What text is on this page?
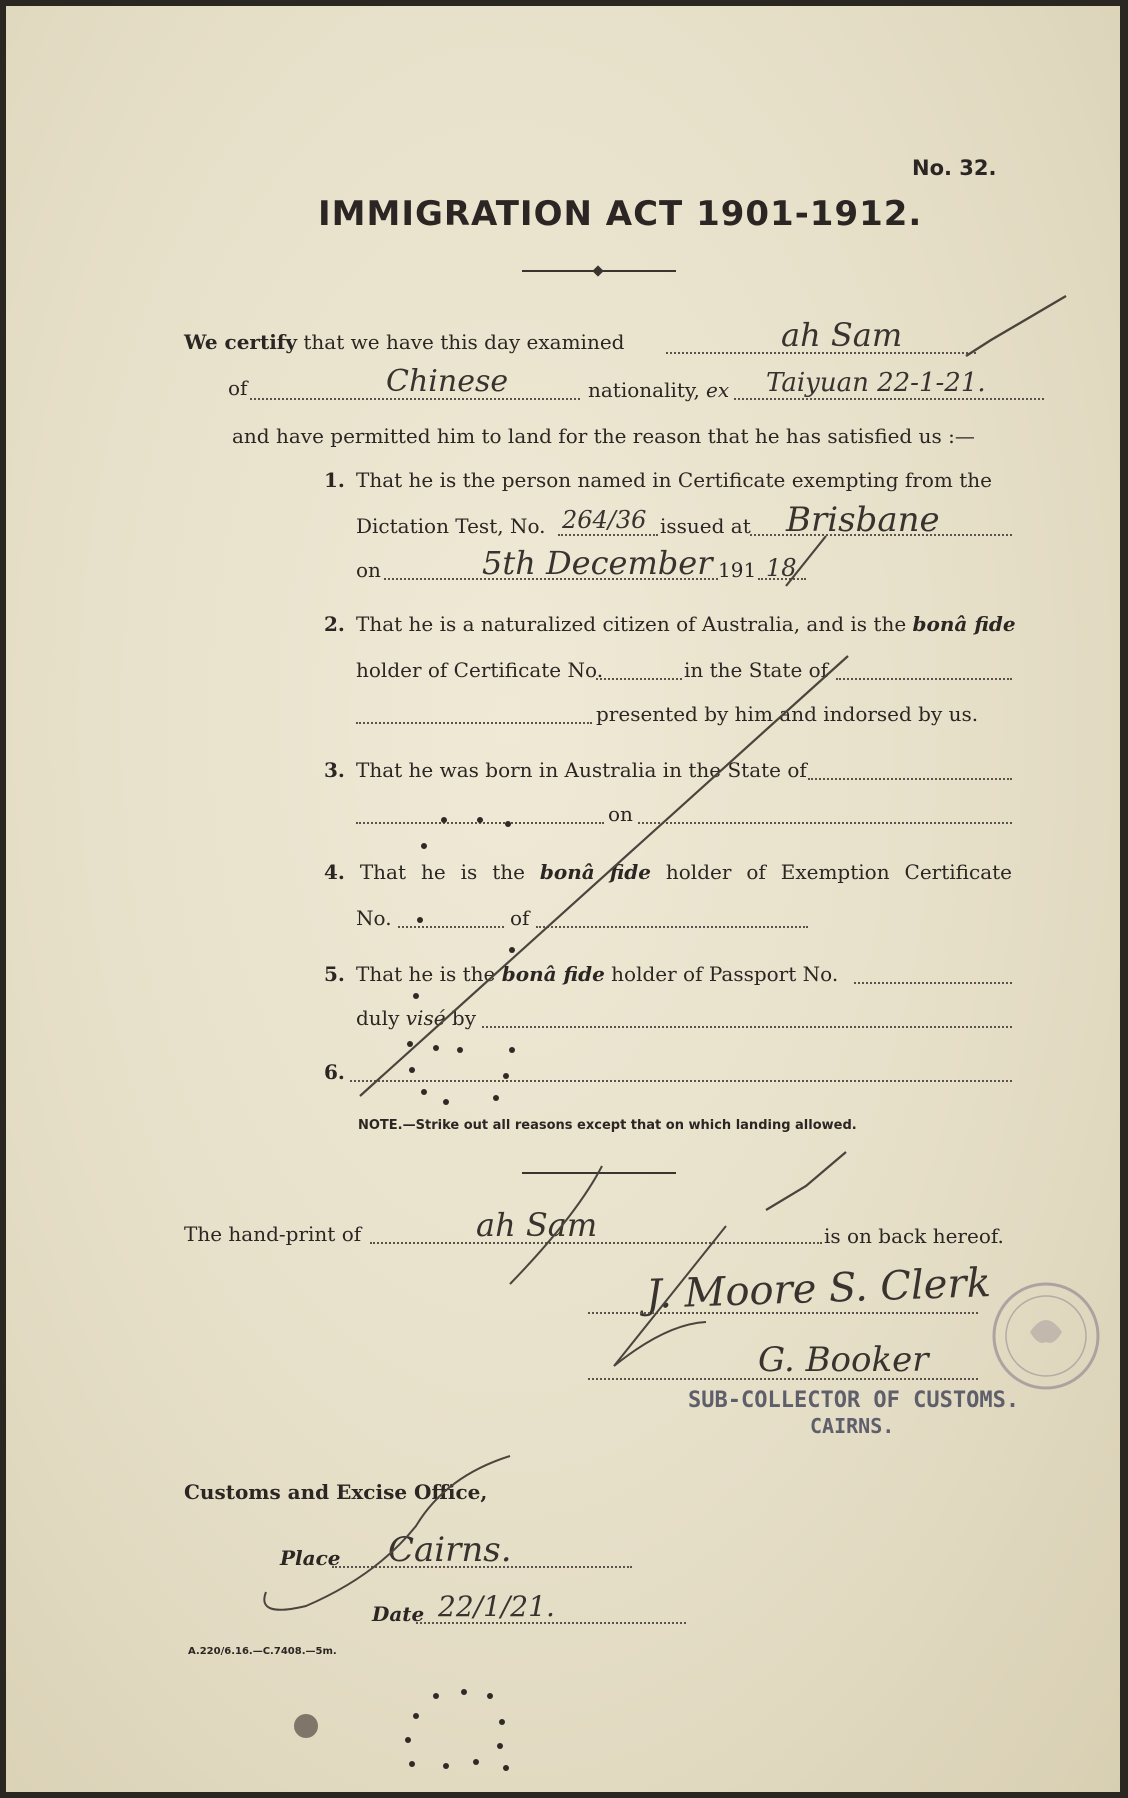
No. 32.
IMMIGRATION ACT 1901-1912.
We certify that we have this day examined	ah Sam
of	Chinese	nationality, ex Taiyuan 22-1-21.
and have permitted him to land for the reason that he has satisfied us :—
1. That he is the person named in Certificate exempting from the
Dictation Test, No. 264/36 issued at Brisbane
on	5th December 191 18
2. That he is a naturalized citizen of Australia, and is the bonâ fide
holder of Certificate No.	in the State of
presented by him and indorsed by us.
3. That he was born in Australia in the State of
on
4. That he is the bonâ fide holder of Exemption Certificate
No.	of
5. That he is the bonâ fide holder of Passport No.
duly visé by
6.
NOTE.—Strike out all reasons except that on which landing allowed.
The hand-print of	ah Sam	is on back hereof.
J. Moore S. Clerk
G. Booker
SUB-COLLECTOR OF CUSTOMS.
CAIRNS.
Customs and Excise Office,
Place Cairns.
Date 22/1/21.
A.220/6.16.—C.7408.—5m.
